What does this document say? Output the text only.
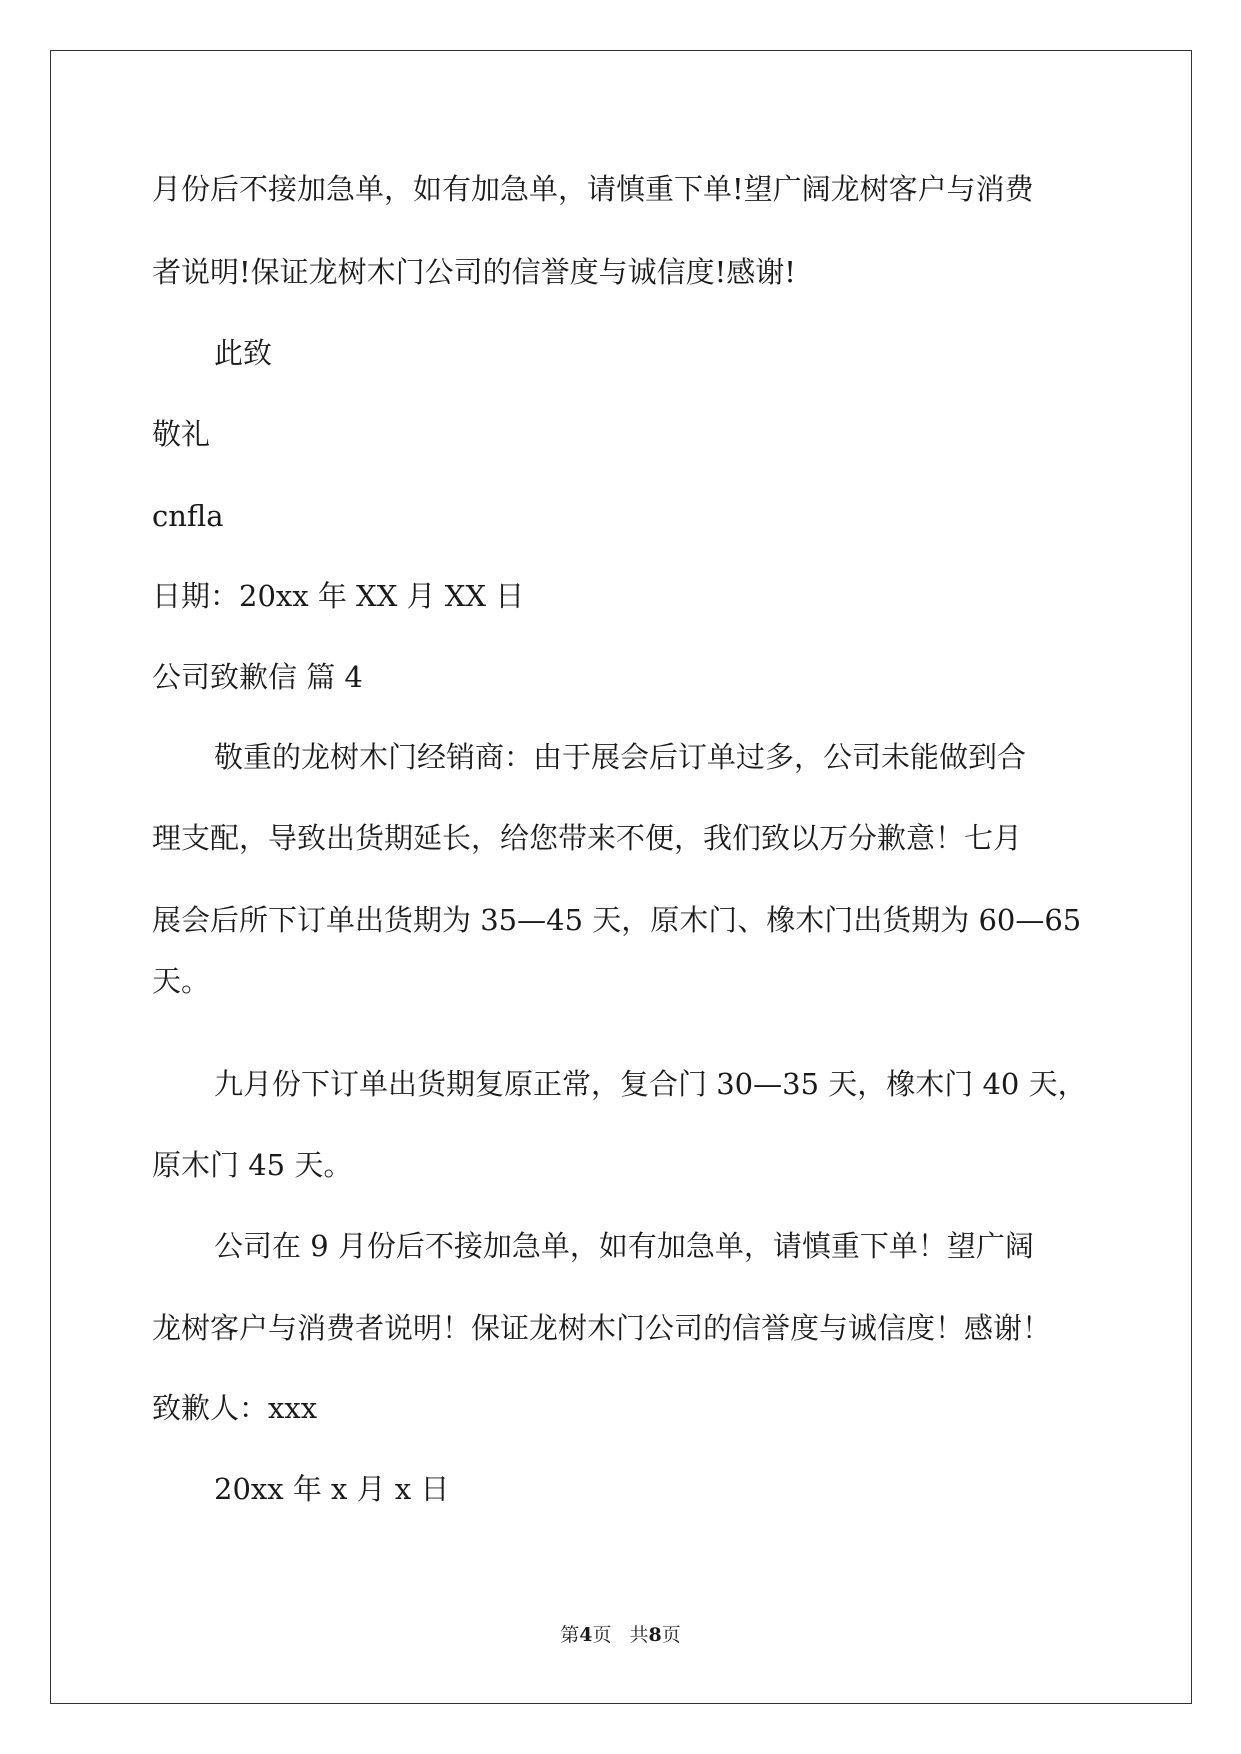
月份后不接加急单，如有加急单，请慎重下单!望广阔龙树客户与消费

者说明!保证龙树木门公司的信誉度与诚信度!感谢!

此致

敬礼

cnfla

日期：20xx 年 XX 月 XX 日

公司致歉信 篇 4

敬重的龙树木门经销商：由于展会后订单过多，公司未能做到合

理支配，导致出货期延长，给您带来不便，我们致以万分歉意！七月

展会后所下订单出货期为 35—45 天，原木门、橡木门出货期为 60—65

天。

九月份下订单出货期复原正常，复合门 30—35 天，橡木门 40 天，

原木门 45 天。

公司在 9 月份后不接加急单，如有加急单，请慎重下单！望广阔

龙树客户与消费者说明！保证龙树木门公司的信誉度与诚信度！感谢！

致歉人：xxx

20xx 年 x 月 x 日

第4页 共8页
